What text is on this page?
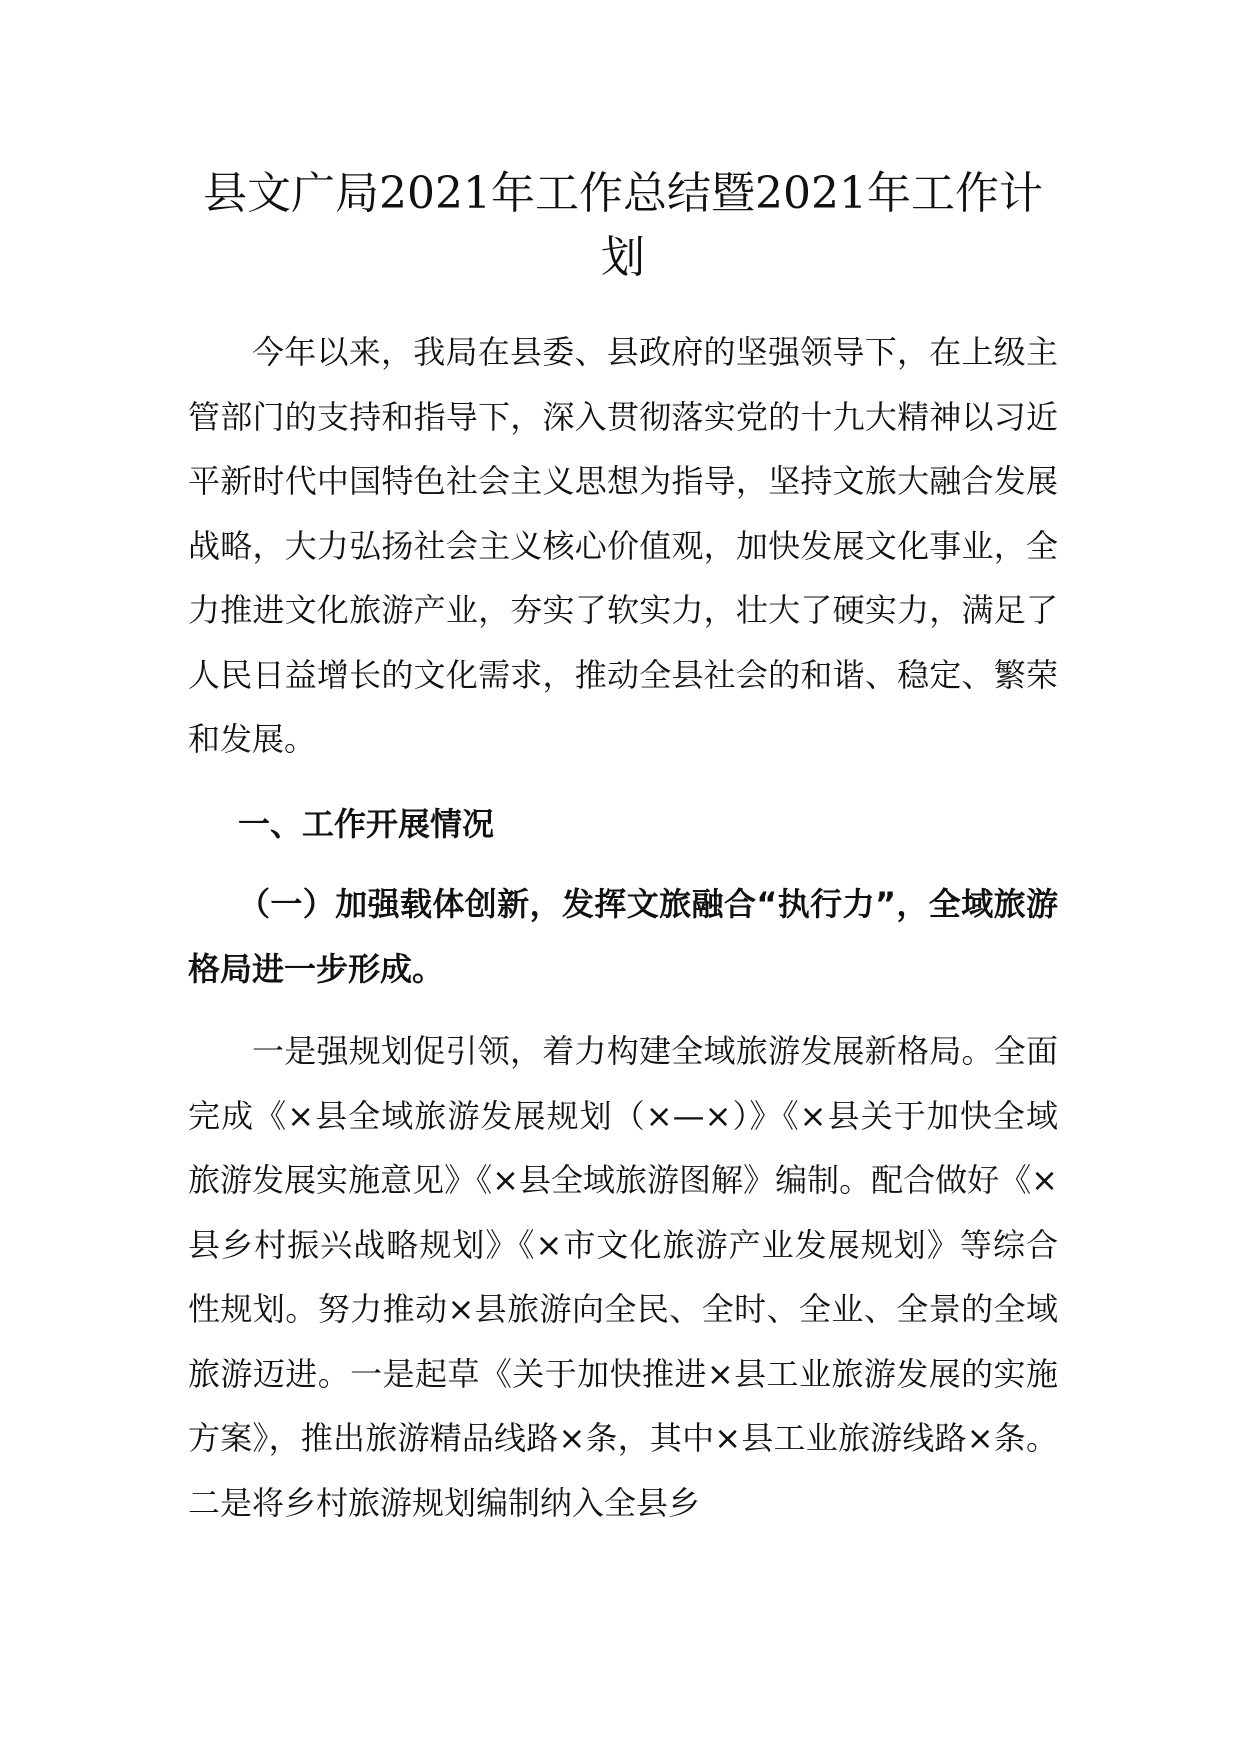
县文广局2021年工作总结暨2021年工作计划

今年以来，我局在县委、县政府的坚强领导下，在上级主管部门的支持和指导下，深入贯彻落实党的十九大精神以习近平新时代中国特色社会主义思想为指导，坚持文旅大融合发展战略，大力弘扬社会主义核心价值观，加快发展文化事业，全力推进文化旅游产业，夯实了软实力，壮大了硬实力，满足了人民日益增长的文化需求，推动全县社会的和谐、稳定、繁荣和发展。

一、工作开展情况

（一）加强载体创新，发挥文旅融合“执行力”，全域旅游格局进一步形成。

一是强规划促引领，着力构建全域旅游发展新格局。全面完成《×县全域旅游发展规划（×—×）》《×县关于加快全域旅游发展实施意见》《×县全域旅游图解》编制。配合做好《×县乡村振兴战略规划》《×市文化旅游产业发展规划》等综合性规划。努力推动×县旅游向全民、全时、全业、全景的全域旅游迈进。一是起草《关于加快推进×县工业旅游发展的实施方案》，推出旅游精品线路×条，其中×县工业旅游线路×条。二是将乡村旅游规划编制纳入全县乡
